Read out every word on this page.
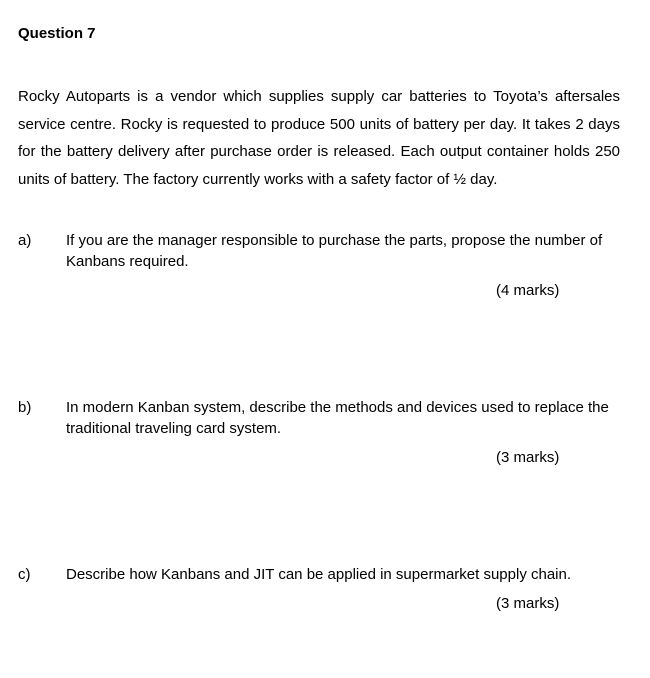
Question 7
Rocky Autoparts is a vendor which supplies supply car batteries to Toyota’s aftersales service centre. Rocky is requested to produce 500 units of battery per day. It takes 2 days for the battery delivery after purchase order is released. Each output container holds 250 units of battery. The factory currently works with a safety factor of ½ day.
a) If you are the manager responsible to purchase the parts, propose the number of Kanbans required.
(4 marks)
b) In modern Kanban system, describe the methods and devices used to replace the traditional traveling card system.
(3 marks)
c) Describe how Kanbans and JIT can be applied in supermarket supply chain.
(3 marks)
